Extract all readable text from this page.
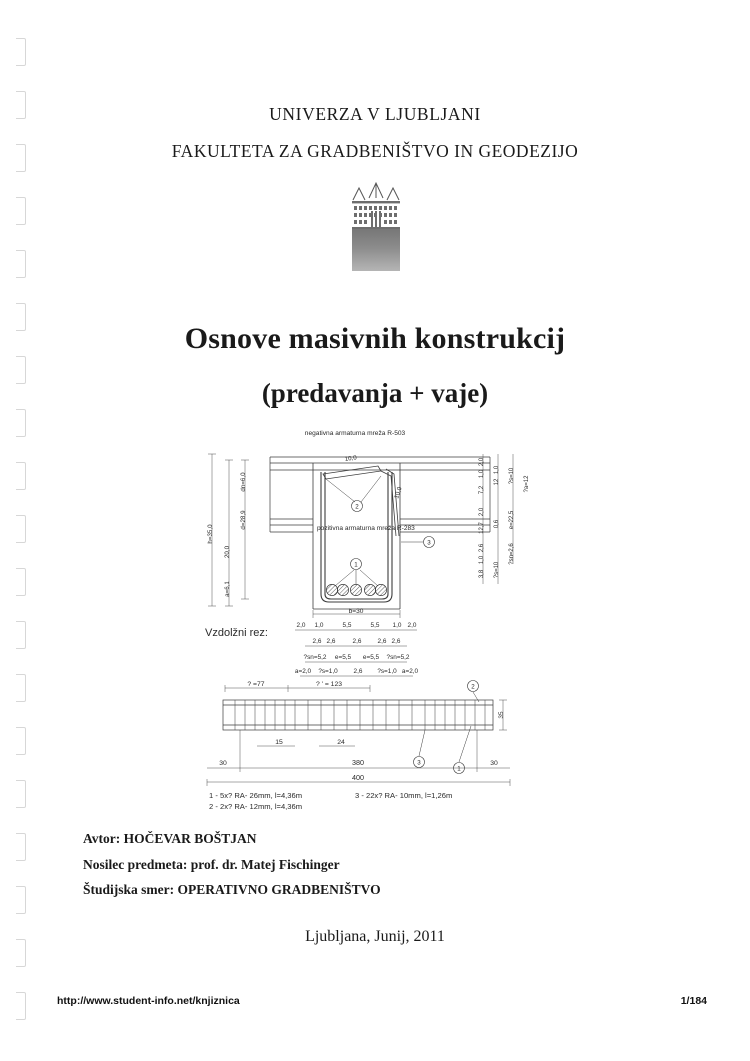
UNIVERZA V LJUBLJANI
FAKULTETA ZA GRADBENIŠTVO IN GEODEZIJO
Osnove masivnih konstrukcij
(predavanja + vaje)
2
10,0
10,0
negativna armaturna mreža R-503
pozitivna armaturna mreža R-283
1
3
h=35,0
20,0
a=6,1
dn=6,0
d=28,9
3,8
1,0
2,6
12,7
2,0
7,2
1,0
2,0
?s=10
0,6
12
1,0
?sn=2,6
e=22,5
?s=10 ?a=12
b=30
2,0 1,0	5,5	5,5 1,0 2,0
2,6 2,6	2,6	2,6 2,6
?sn=5,2 e=5,5 e=5,5 ?sn=5,2
a=2,0 ?s=1,0 2,6 ?s=1,0 a=2,0
Vzdolžni rez:
? =77	? ' = 123
35
2
3
1
15	24
30	380	30
400
1 - 5x? RA- 26mm, l=4,36m
2 - 2x? RA- 12mm, l=4,36m
3 - 22x? RA- 10mm, l=1,26m
Avtor: HOČEVAR BOŠTJAN
Nosilec predmeta: prof. dr. Matej Fischinger
Študijska smer: OPERATIVNO GRADBENIŠTVO
Ljubljana, Junij, 2011
http://www.student-info.net/knjiznica	1/184
